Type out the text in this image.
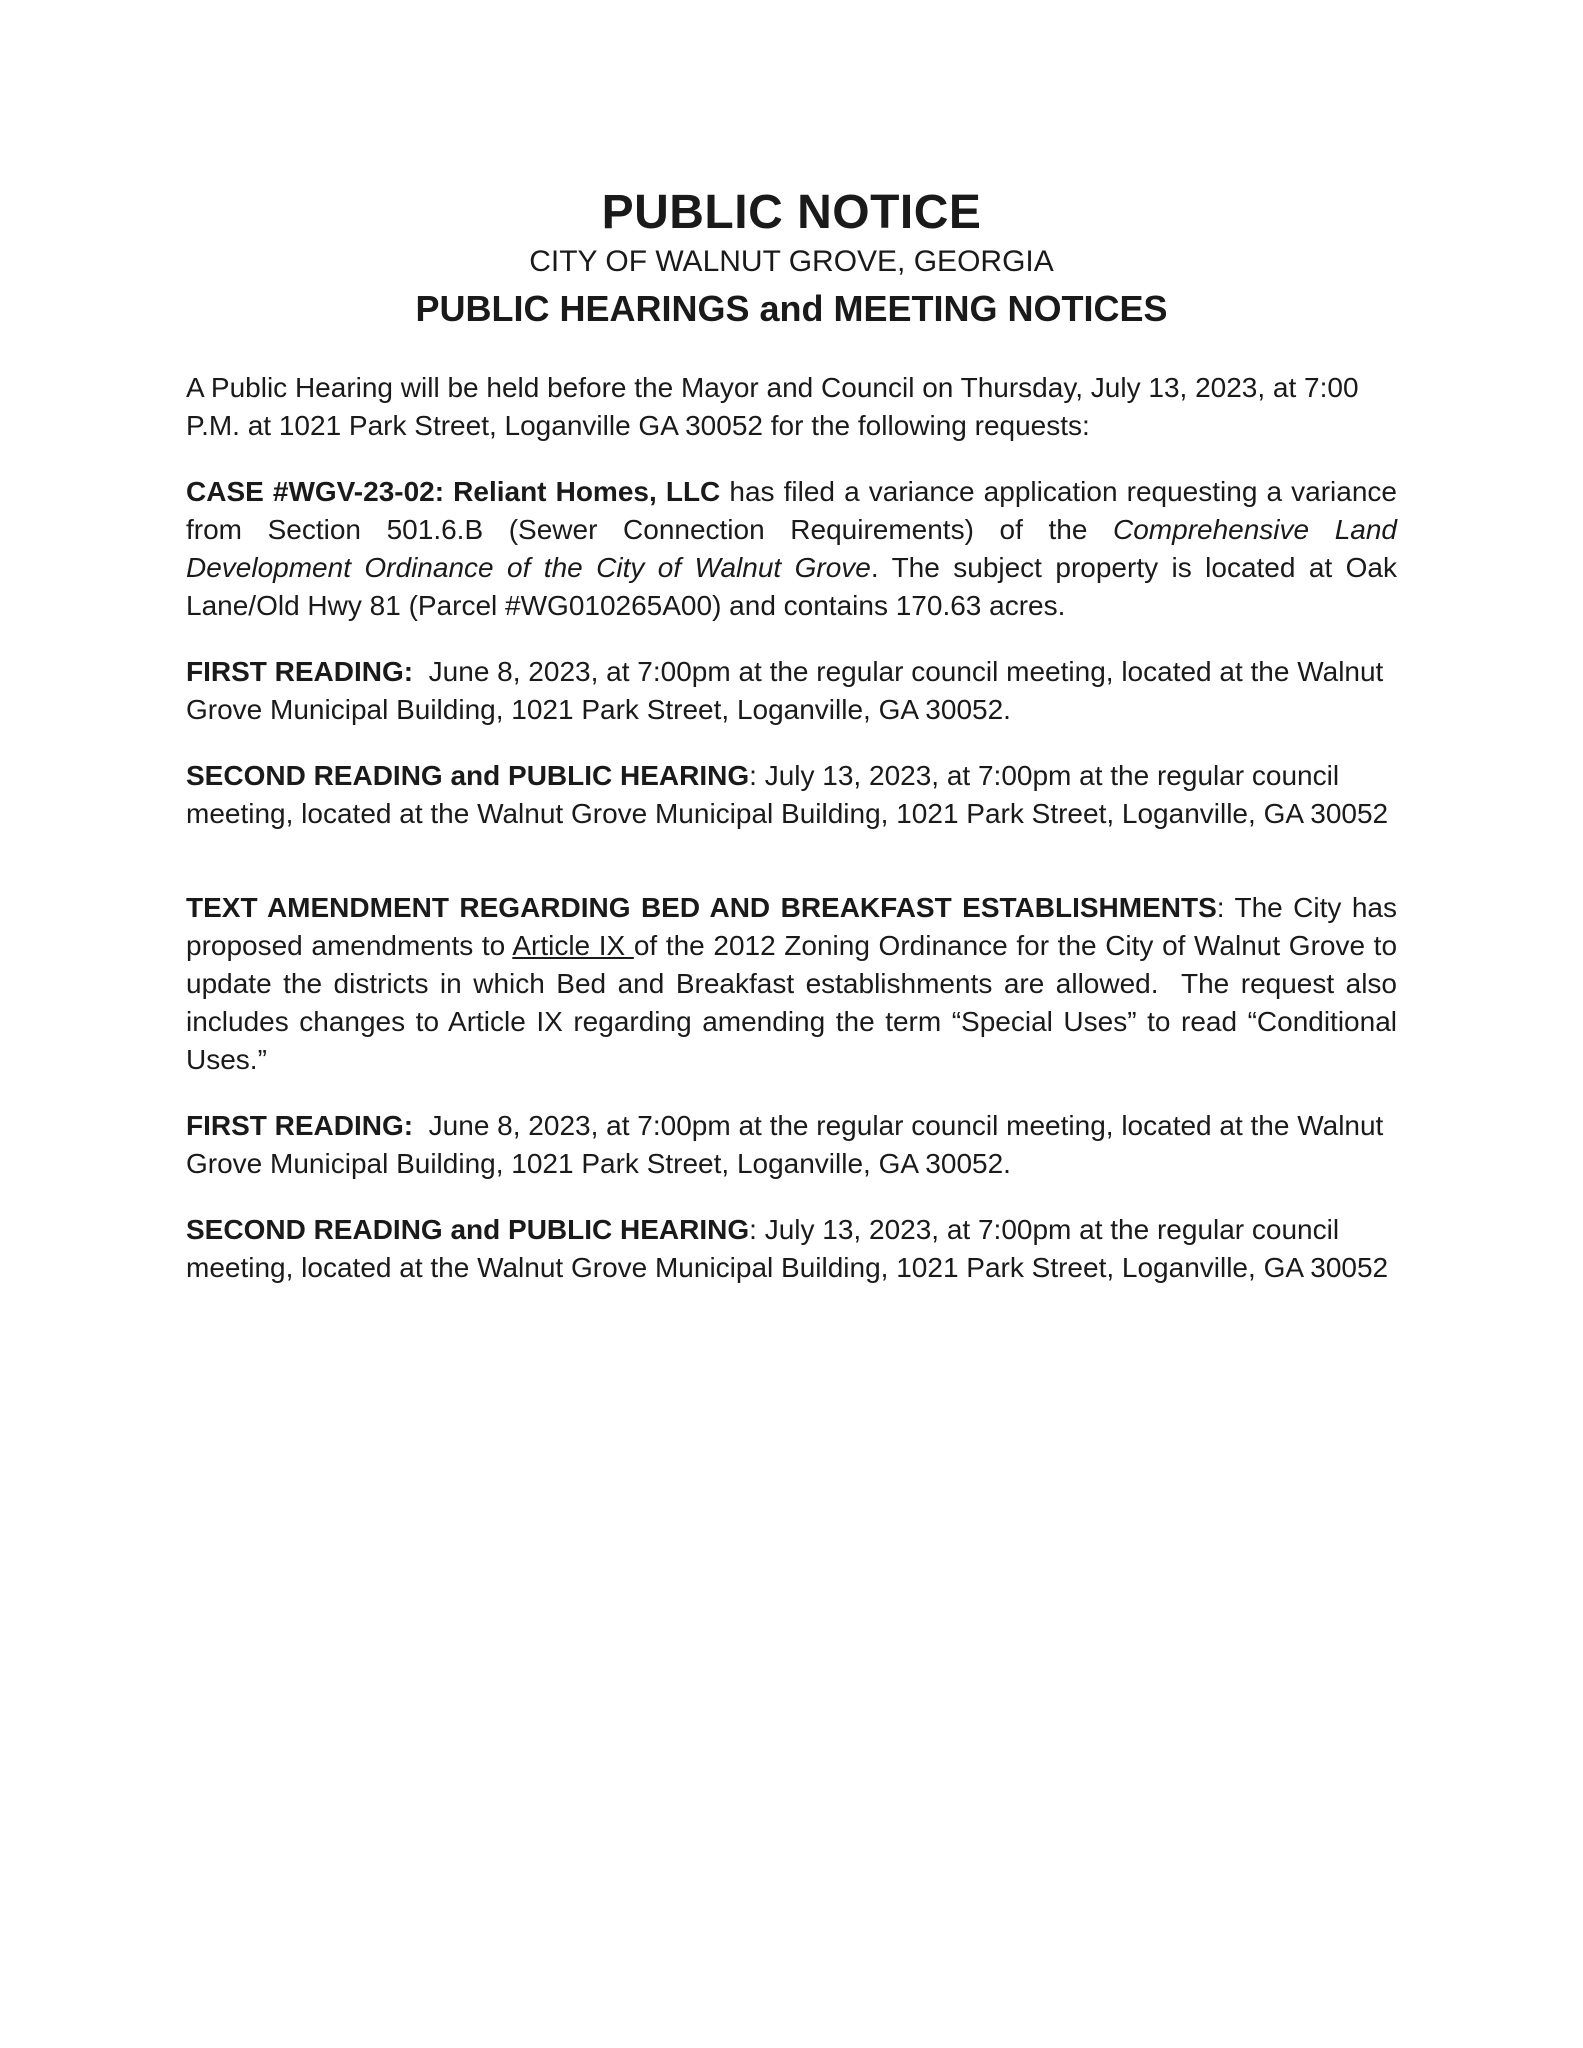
PUBLIC NOTICE
CITY OF WALNUT GROVE, GEORGIA
PUBLIC HEARINGS and MEETING NOTICES

A Public Hearing will be held before the Mayor and Council on Thursday, July 13, 2023, at 7:00 P.M. at 1021 Park Street, Loganville GA 30052 for the following requests:

CASE #WGV-23-02: Reliant Homes, LLC has filed a variance application requesting a variance from Section 501.6.B (Sewer Connection Requirements) of the Comprehensive Land Development Ordinance of the City of Walnut Grove. The subject property is located at Oak Lane/Old Hwy 81 (Parcel #WG010265A00) and contains 170.63 acres.

FIRST READING:  June 8, 2023, at 7:00pm at the regular council meeting, located at the Walnut Grove Municipal Building, 1021 Park Street, Loganville, GA 30052.

SECOND READING and PUBLIC HEARING: July 13, 2023, at 7:00pm at the regular council meeting, located at the Walnut Grove Municipal Building, 1021 Park Street, Loganville, GA 30052

TEXT AMENDMENT REGARDING BED AND BREAKFAST ESTABLISHMENTS: The City has proposed amendments to Article IX of the 2012 Zoning Ordinance for the City of Walnut Grove to update the districts in which Bed and Breakfast establishments are allowed.  The request also includes changes to Article IX regarding amending the term “Special Uses” to read “Conditional Uses.”

FIRST READING:  June 8, 2023, at 7:00pm at the regular council meeting, located at the Walnut Grove Municipal Building, 1021 Park Street, Loganville, GA 30052.

SECOND READING and PUBLIC HEARING: July 13, 2023, at 7:00pm at the regular council meeting, located at the Walnut Grove Municipal Building, 1021 Park Street, Loganville, GA 30052
